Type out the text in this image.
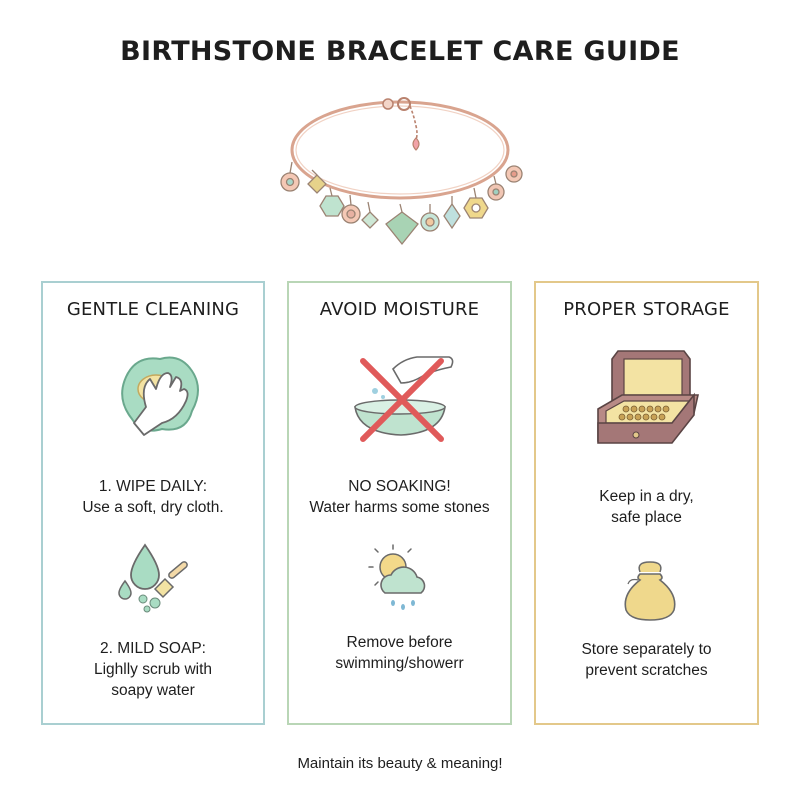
BIRTHSTONE BRACELET CARE GUIDE
GENTLE CLEANING
1. WIPE DAILY:
Use a soft, dry cloth.
2. MILD SOAP:
Lighlly scrub with
soapy water
AVOID MOISTURE
NO SOAKING!
Water harms some stones
Remove before
swimming/showerr
PROPER STORAGE
Keep in a dry,
safe place
Store separately to
prevent scratches
Maintain its beauty & meaning!
